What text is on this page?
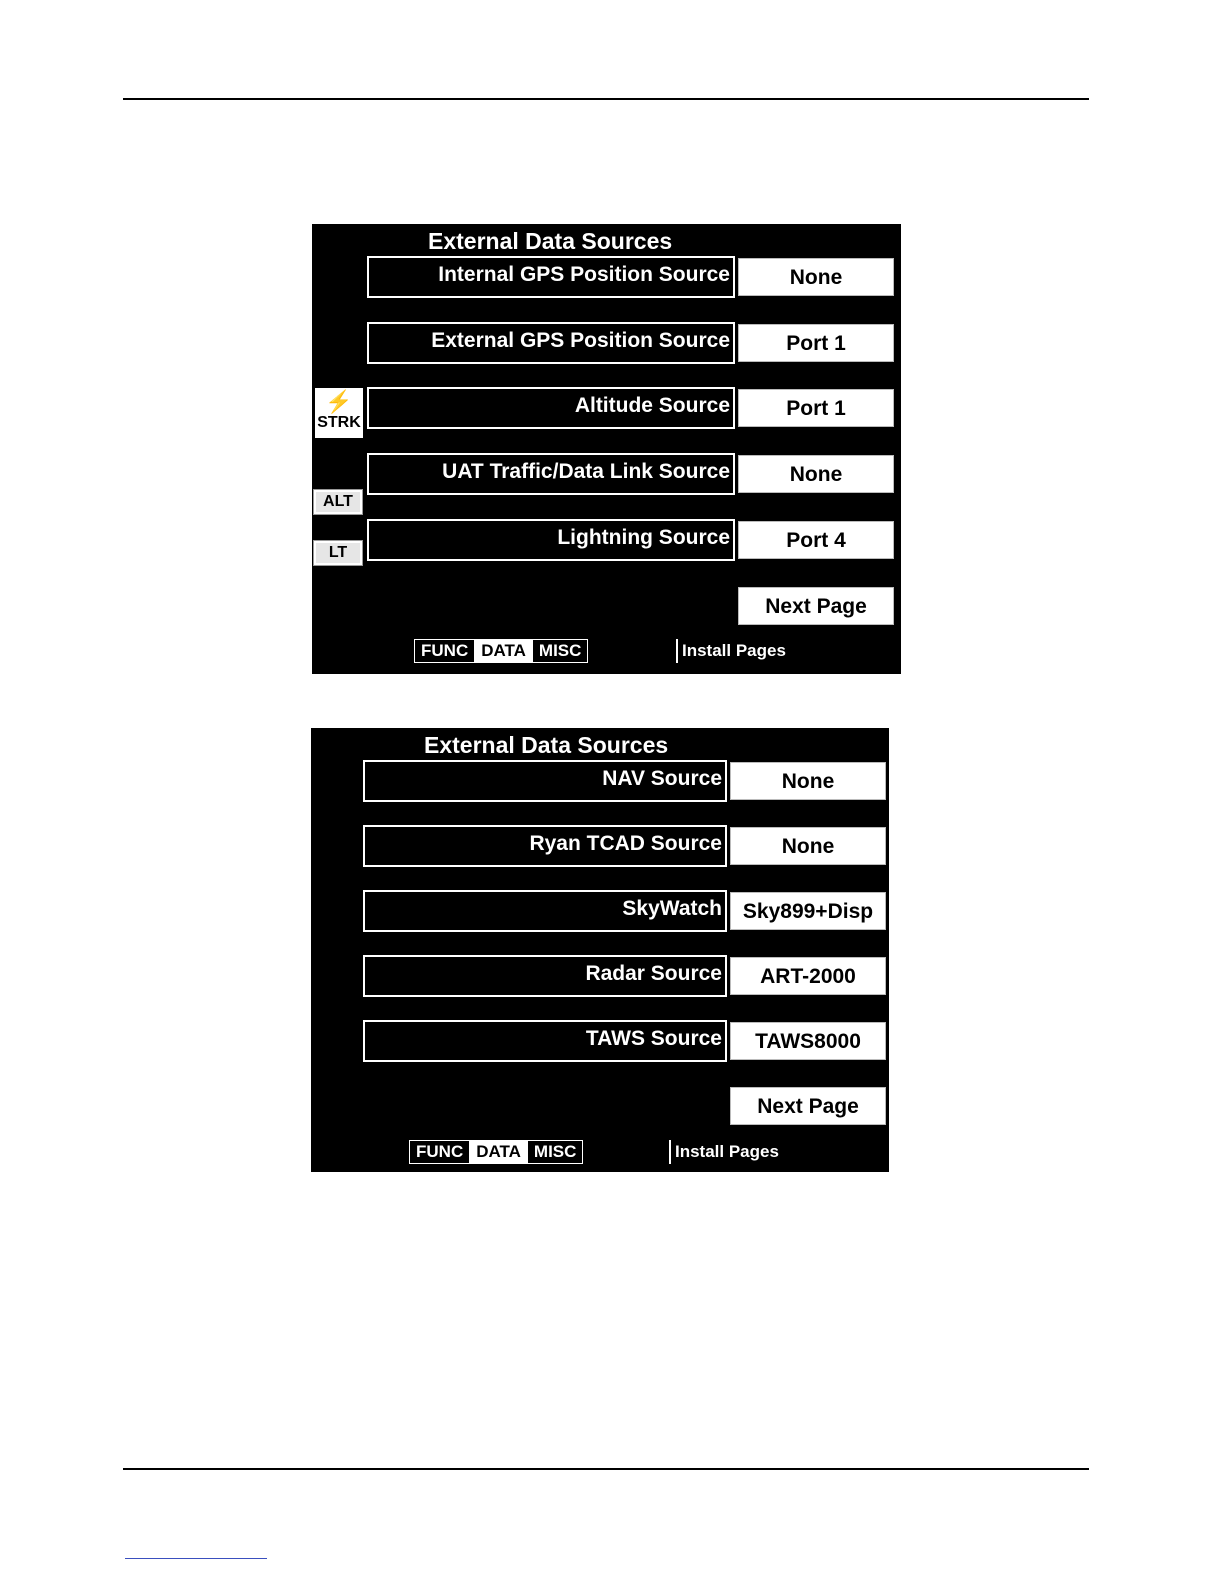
External Data Sources
Internal GPS Position Source	None
External GPS Position Source	Port 1
⚡
STRK
Altitude Source	Port 1
UAT Traffic/Data Link Source	None
ALT
Lightning Source	Port 4
LT
Next Page
FUNC DATA MISC	Install Pages
External Data Sources
NAV Source	None
Ryan TCAD Source	None
SkyWatch Sky899+Disp
Radar Source	ART-2000
TAWS Source	TAWS8000
Next Page
FUNC DATA MISC	Install Pages
